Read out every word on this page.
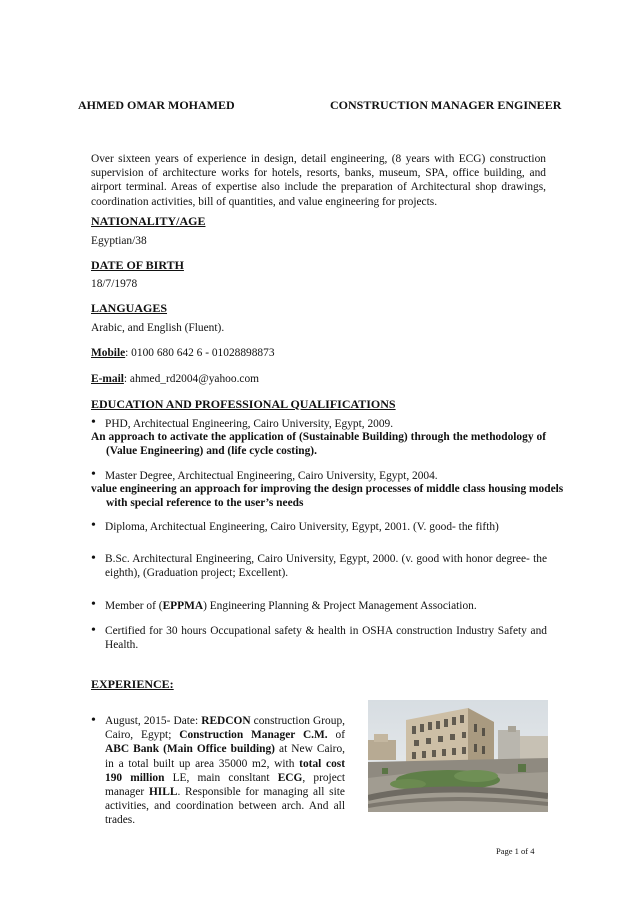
AHMED OMAR MOHAMED	CONSTRUCTION MANAGER ENGINEER
Over sixteen years of experience in design, detail engineering, (8 years with ECG) construction supervision of architecture works for hotels, resorts, banks, museum, SPA, office building, and airport terminal. Areas of expertise also include the preparation of Architectural shop drawings, coordination activities, bill of quantities, and value engineering for projects.
NATIONALITY/AGE
Egyptian/38
DATE OF BIRTH
18/7/1978
LANGUAGES
Arabic, and English (Fluent).
Mobile: 0100 680 642 6 - 01028898873
E-mail: ahmed_rd2004@yahoo.com
EDUCATION AND PROFESSIONAL QUALIFICATIONS
• PHD, Architectual Engineering, Cairo University, Egypt, 2009.
An approach to activate the application of (Sustainable Building) through the methodology of (Value Engineering) and (life cycle costing).
• Master Degree, Architectual Engineering, Cairo University, Egypt, 2004.
value engineering an approach for improving the design processes of middle class housing models with special reference to the user’s needs
• Diploma, Architectual Engineering, Cairo University, Egypt, 2001. (V. good- the fifth)
• B.Sc. Architectural Engineering, Cairo University, Egypt, 2000. (v. good with honor degree- the eighth), (Graduation project; Excellent).
• Member of (EPPMA) Engineering Planning & Project Management Association.
• Certified for 30 hours Occupational safety & health in OSHA construction Industry Safety and Health.
EXPERIENCE:
• August, 2015- Date: REDCON construction Group, Cairo, Egypt; Construction Manager C.M. of ABC Bank (Main Office building) at New Cairo, in a total built up area 35000 m2, with total cost 190 million LE, main consltant ECG, project manager HILL. Responsible for managing all site activities, and coordination between arch. And all trades.
Page 1 of 4
